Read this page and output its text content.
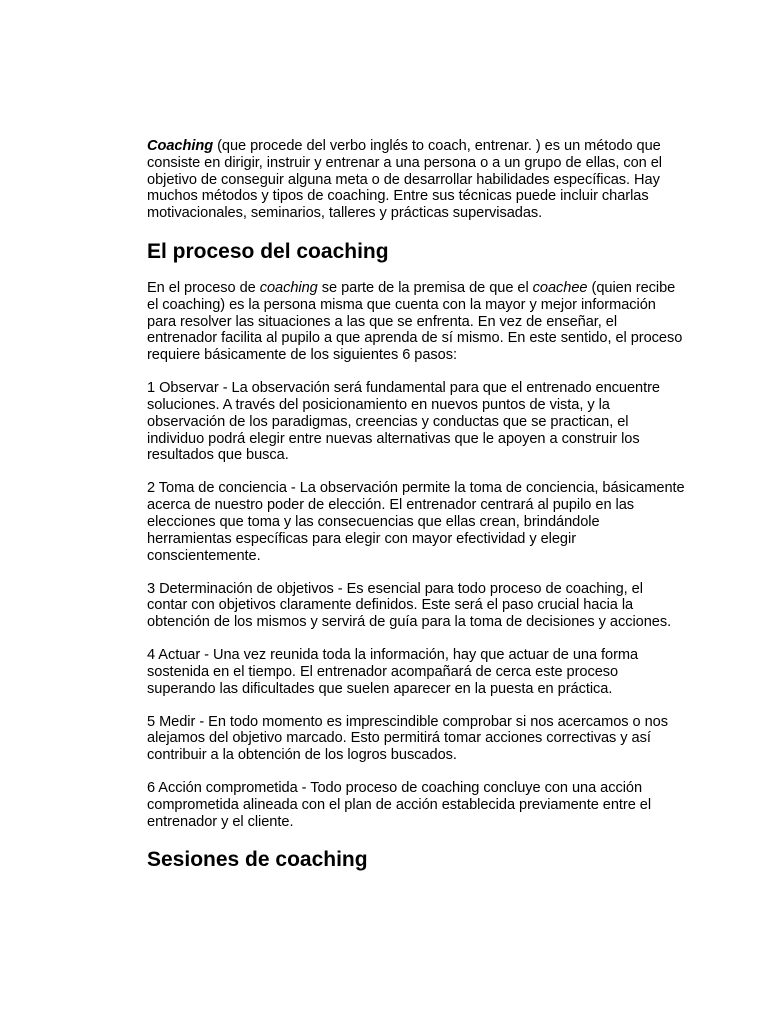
Coaching (que procede del verbo inglés to coach, entrenar. ) es un método que consiste en dirigir, instruir y entrenar a una persona o a un grupo de ellas, con el objetivo de conseguir alguna meta o de desarrollar habilidades específicas. Hay muchos métodos y tipos de coaching. Entre sus técnicas puede incluir charlas motivacionales, seminarios, talleres y prácticas supervisadas.

El proceso del coaching

En el proceso de coaching se parte de la premisa de que el coachee (quien recibe el coaching) es la persona misma que cuenta con la mayor y mejor información para resolver las situaciones a las que se enfrenta. En vez de enseñar, el entrenador facilita al pupilo a que aprenda de sí mismo. En este sentido, el proceso requiere básicamente de los siguientes 6 pasos:

1 Observar - La observación será fundamental para que el entrenado encuentre soluciones. A través del posicionamiento en nuevos puntos de vista, y la observación de los paradigmas, creencias y conductas que se practican, el individuo podrá elegir entre nuevas alternativas que le apoyen a construir los resultados que busca.

2 Toma de conciencia - La observación permite la toma de conciencia, básicamente acerca de nuestro poder de elección. El entrenador centrará al pupilo en las elecciones que toma y las consecuencias que ellas crean, brindándole herramientas específicas para elegir con mayor efectividad y elegir conscientemente.

3 Determinación de objetivos - Es esencial para todo proceso de coaching, el contar con objetivos claramente definidos. Este será el paso crucial hacia la obtención de los mismos y servirá de guía para la toma de decisiones y acciones.

4 Actuar - Una vez reunida toda la información, hay que actuar de una forma sostenida en el tiempo. El entrenador acompañará de cerca este proceso superando las dificultades que suelen aparecer en la puesta en práctica.

5 Medir - En todo momento es imprescindible comprobar si nos acercamos o nos alejamos del objetivo marcado. Esto permitirá tomar acciones correctivas y así contribuir a la obtención de los logros buscados.

6 Acción comprometida - Todo proceso de coaching concluye con una acción comprometida alineada con el plan de acción establecida previamente entre el entrenador y el cliente.

Sesiones de coaching
